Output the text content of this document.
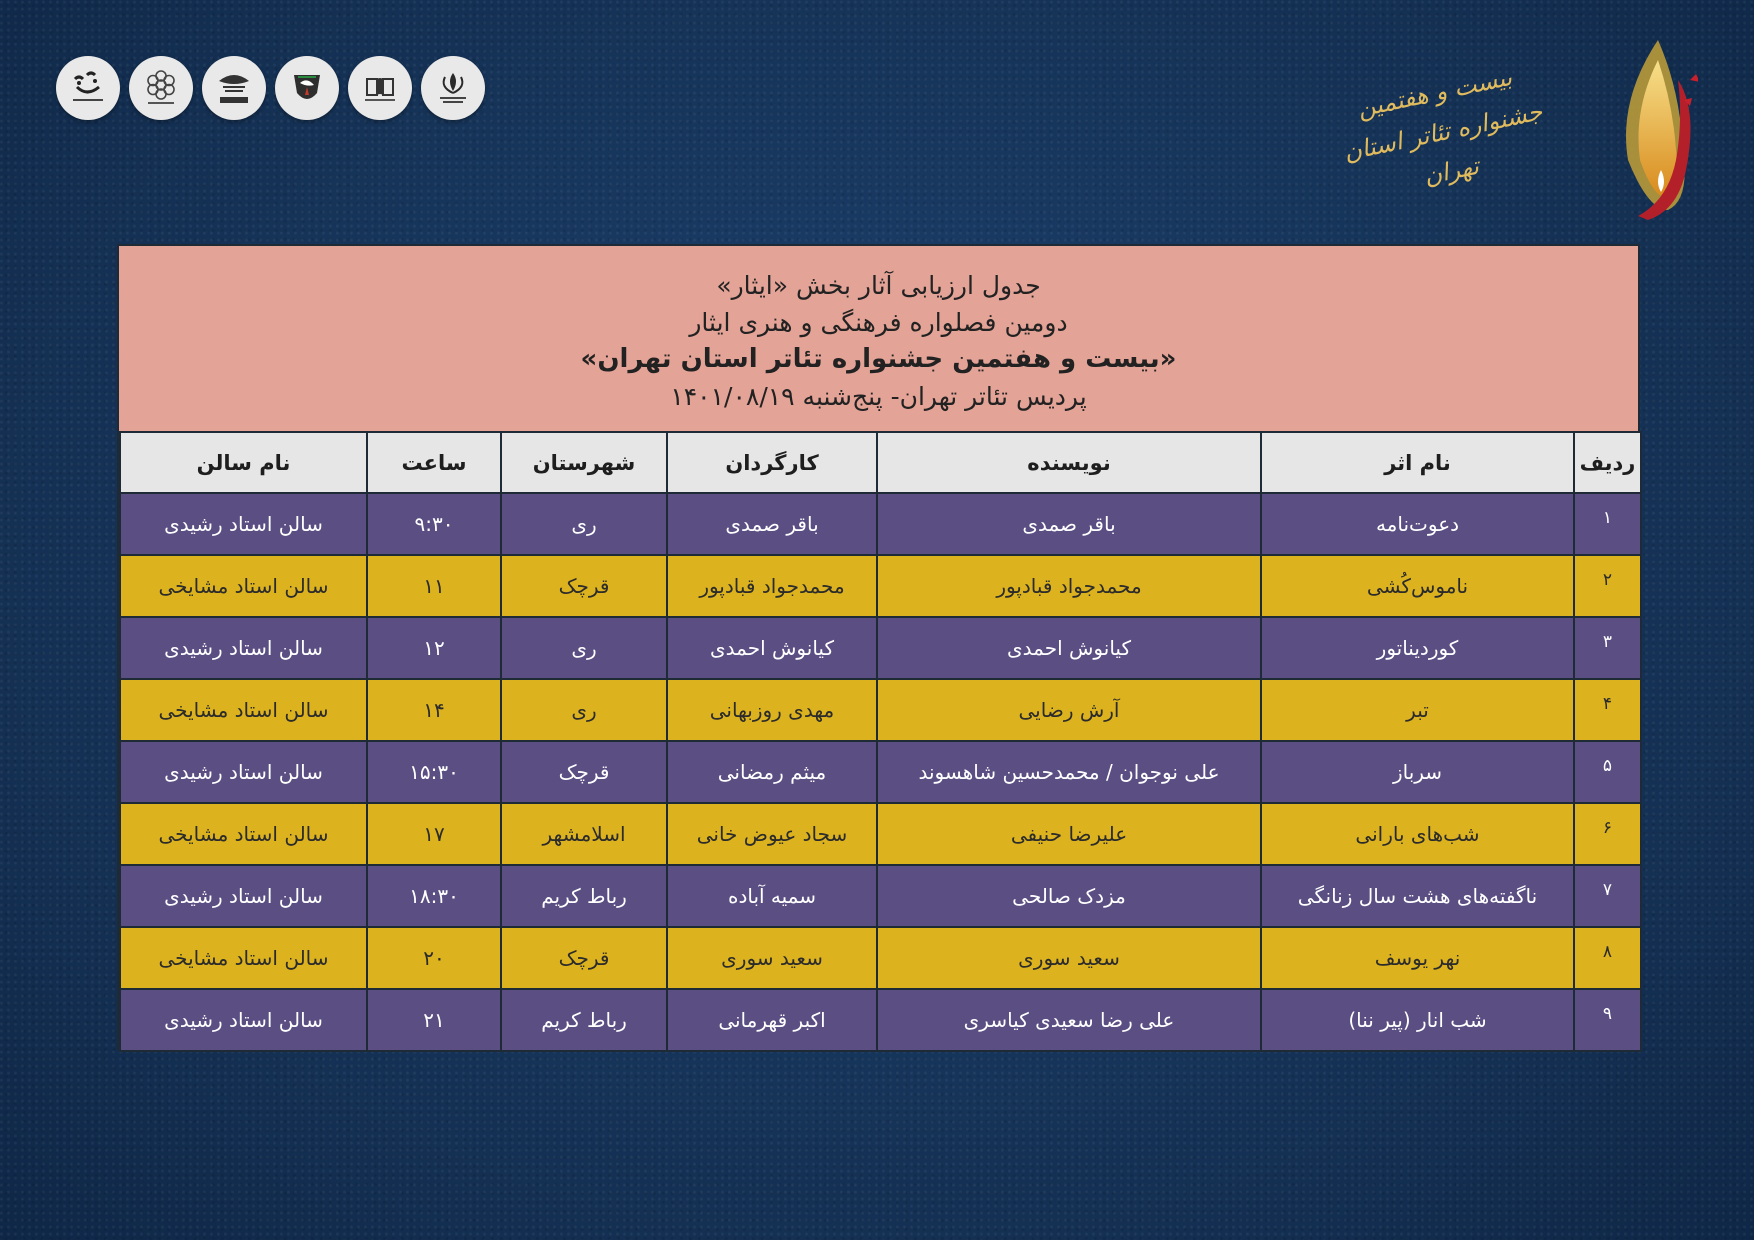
بیست و هفتمین جشنواره تئاتر استان تهران
جدول ارزیابی آثار بخش «ایثار»
دومین فصلواره فرهنگی و هنری ایثار
«بیست و هفتمین جشنواره تئاتر استان تهران»
پردیس تئاتر تهران- پنج‌شنبه ۱۴۰۱/۰۸/۱۹
ردیف	نام اثر	نویسنده	کارگردان	شهرستان	ساعت	نام سالن
۱	دعوت‌نامه	باقر صمدی	باقر صمدی	ری	۹:۳۰	سالن استاد رشیدی
۲	ناموس‌کُشی	محمدجواد قبادپور	محمدجواد قبادپور	قرچک	۱۱	سالن استاد مشایخی
۳	کوردیناتور	کیانوش احمدی	کیانوش احمدی	ری	۱۲	سالن استاد رشیدی
۴	تبر	آرش رضایی	مهدی روزبهانی	ری	۱۴	سالن استاد مشایخی
۵	سرباز	علی نوجوان / محمدحسین شاهسوند	میثم رمضانی	قرچک	۱۵:۳۰	سالن استاد رشیدی
۶	شب‌های بارانی	علیرضا حنیفی	سجاد عیوض خانی	اسلامشهر	۱۷	سالن استاد مشایخی
۷	ناگفته‌های هشت سال زنانگی	مزدک صالحی	سمیه آباده	رباط کریم	۱۸:۳۰	سالن استاد رشیدی
۸	نهر یوسف	سعید سوری	سعید سوری	قرچک	۲۰	سالن استاد مشایخی
۹	شب انار (پیر ننا)	علی رضا سعیدی کیاسری	اکبر قهرمانی	رباط کریم	۲۱	سالن استاد رشیدی
